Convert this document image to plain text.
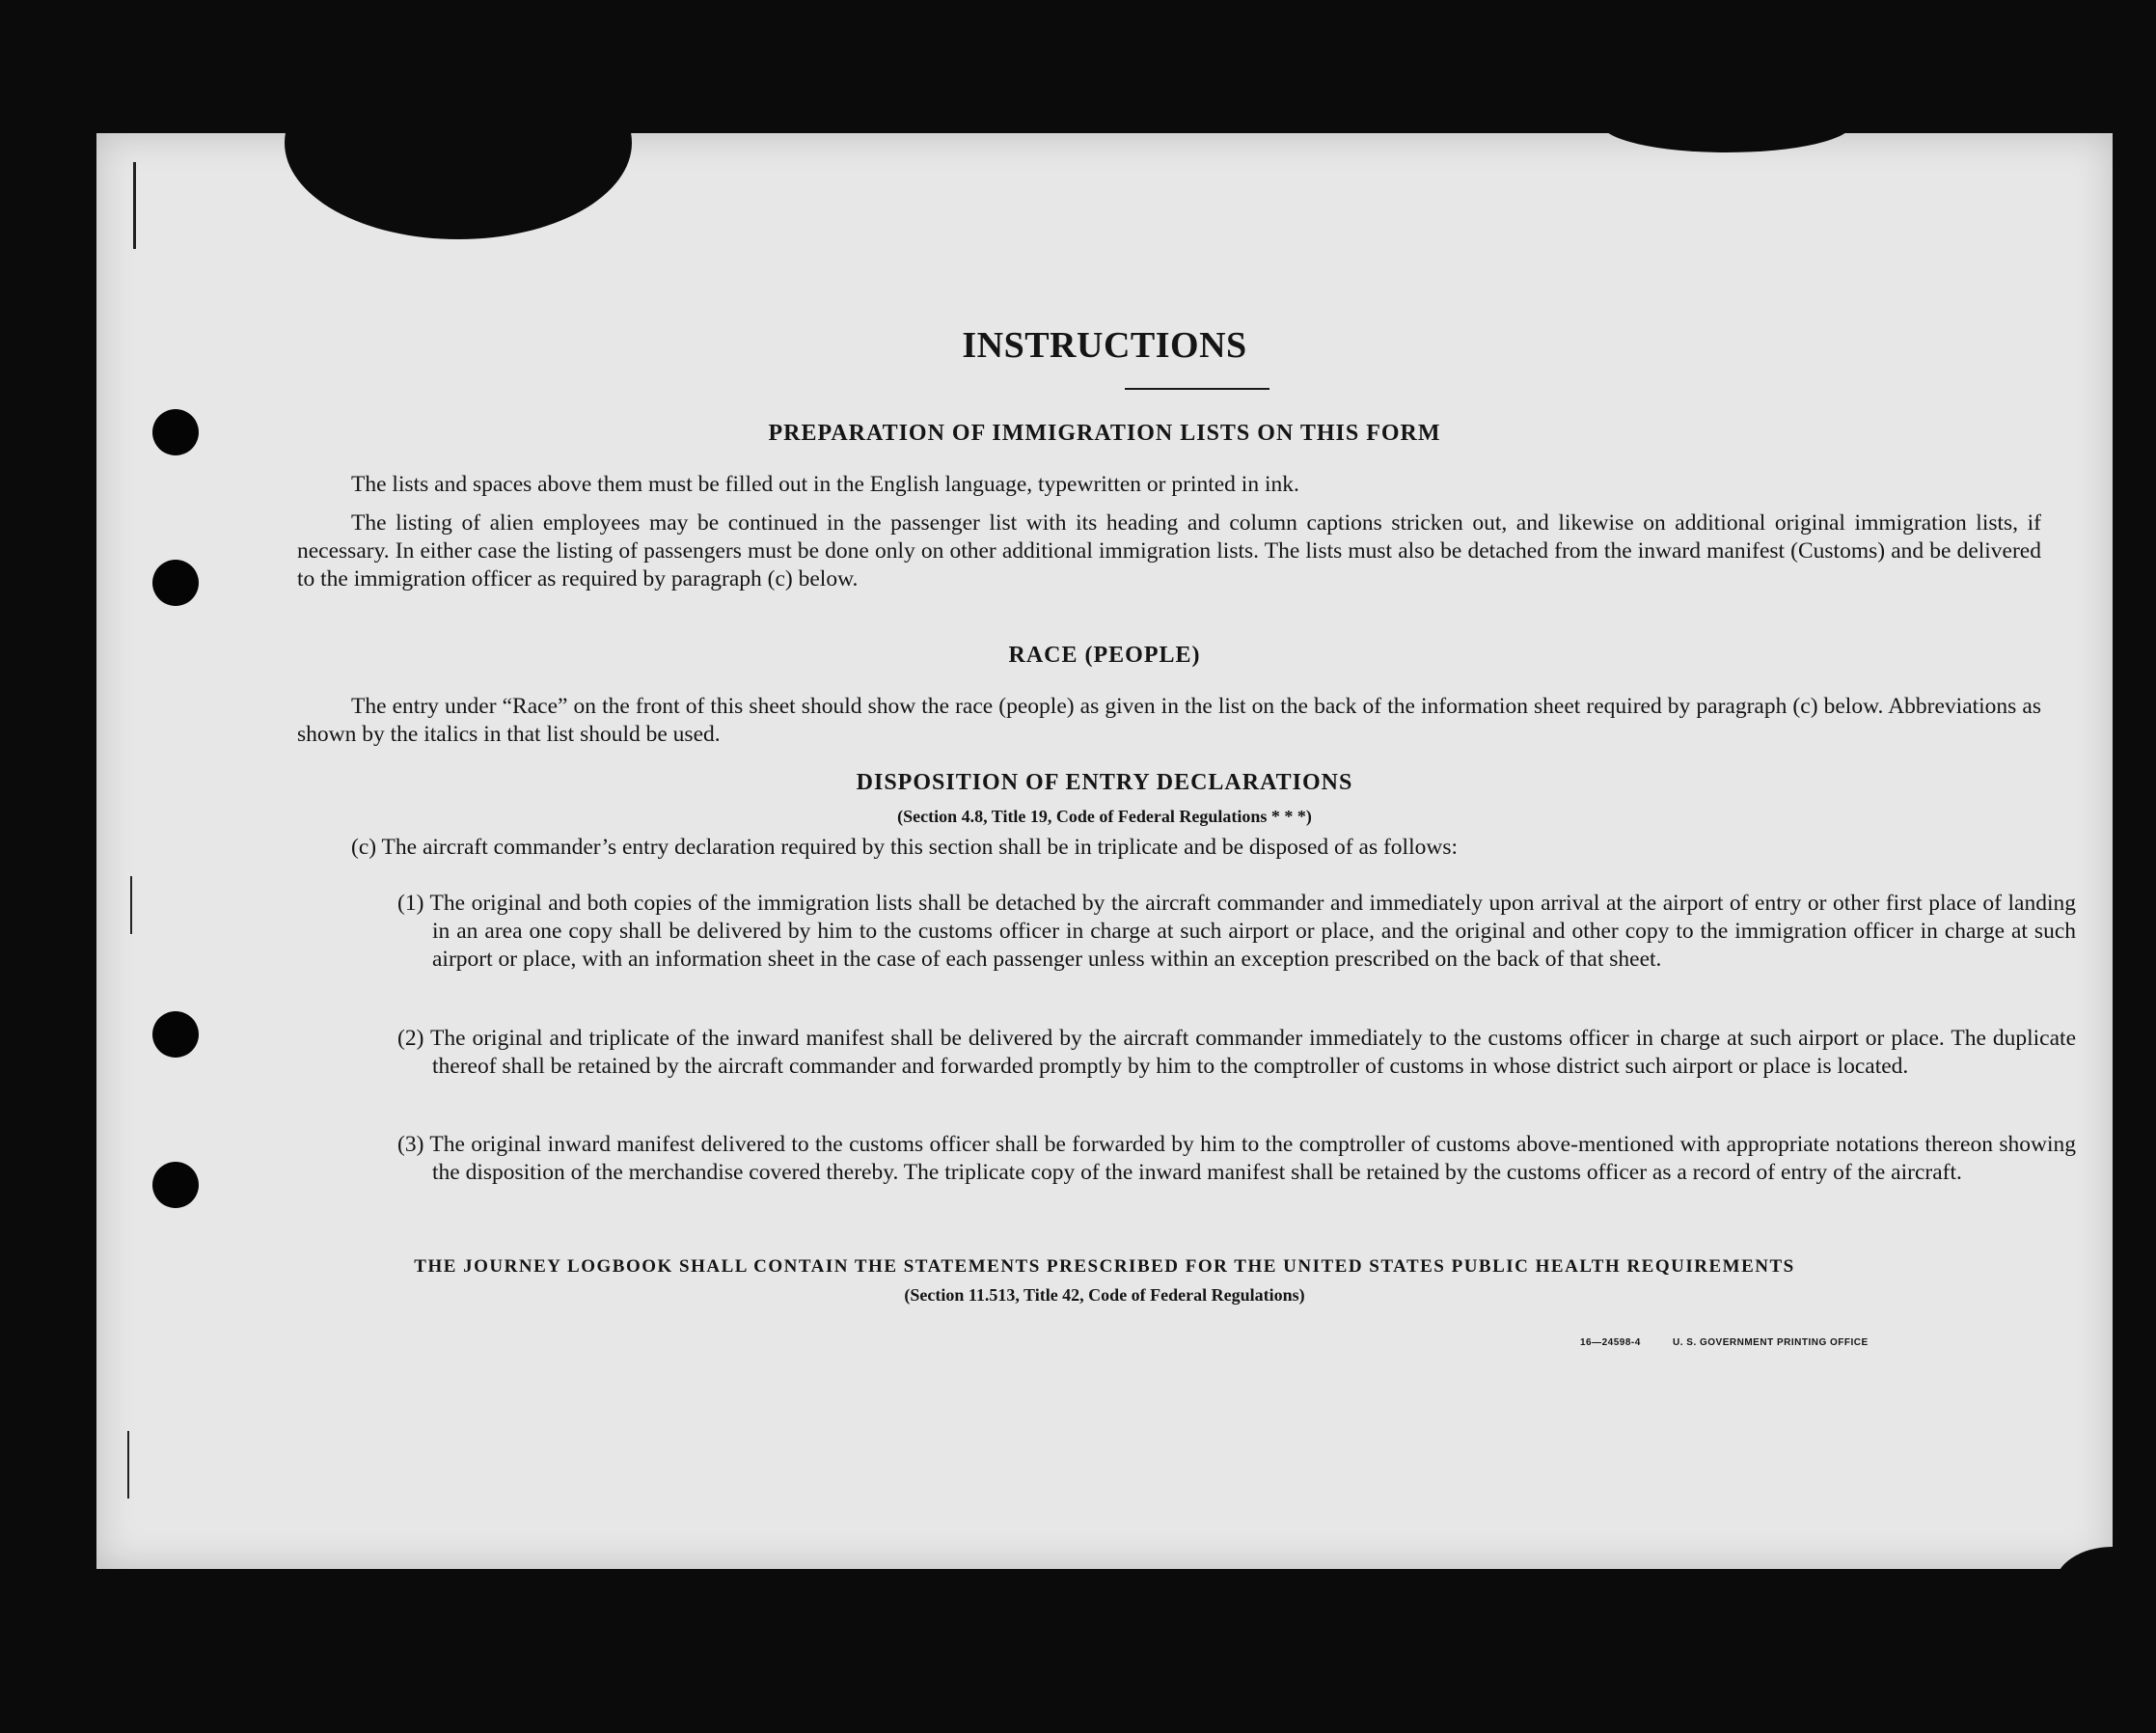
INSTRUCTIONS
PREPARATION OF IMMIGRATION LISTS ON THIS FORM
The lists and spaces above them must be filled out in the English language, typewritten or printed in ink.
The listing of alien employees may be continued in the passenger list with its heading and column captions stricken out, and likewise on additional original immigration lists, if necessary. In either case the listing of passengers must be done only on other additional immigration lists. The lists must also be detached from the inward manifest (Customs) and be delivered to the immigration officer as required by paragraph (c) below.
RACE (PEOPLE)
The entry under “Race” on the front of this sheet should show the race (people) as given in the list on the back of the information sheet required by paragraph (c) below. Abbreviations as shown by the italics in that list should be used.
DISPOSITION OF ENTRY DECLARATIONS
(Section 4.8, Title 19, Code of Federal Regulations * * *)
(c) The aircraft commander’s entry declaration required by this section shall be in triplicate and be disposed of as follows:
(1) The original and both copies of the immigration lists shall be detached by the aircraft commander and immediately upon arrival at the airport of entry or other first place of landing in an area one copy shall be delivered by him to the customs officer in charge at such airport or place, and the original and other copy to the immigration officer in charge at such airport or place, with an information sheet in the case of each passenger unless within an exception prescribed on the back of that sheet.
(2) The original and triplicate of the inward manifest shall be delivered by the aircraft commander immediately to the customs officer in charge at such airport or place. The duplicate thereof shall be retained by the aircraft commander and forwarded promptly by him to the comptroller of customs in whose district such airport or place is located.
(3) The original inward manifest delivered to the customs officer shall be forwarded by him to the comptroller of customs above-mentioned with appropriate notations thereon showing the disposition of the merchandise covered thereby. The triplicate copy of the inward manifest shall be retained by the customs officer as a record of entry of the aircraft.
THE JOURNEY LOGBOOK SHALL CONTAIN THE STATEMENTS PRESCRIBED FOR THE UNITED STATES PUBLIC HEALTH REQUIREMENTS
(Section 11.513, Title 42, Code of Federal Regulations)
16—24598-4	U. S. GOVERNMENT PRINTING OFFICE
